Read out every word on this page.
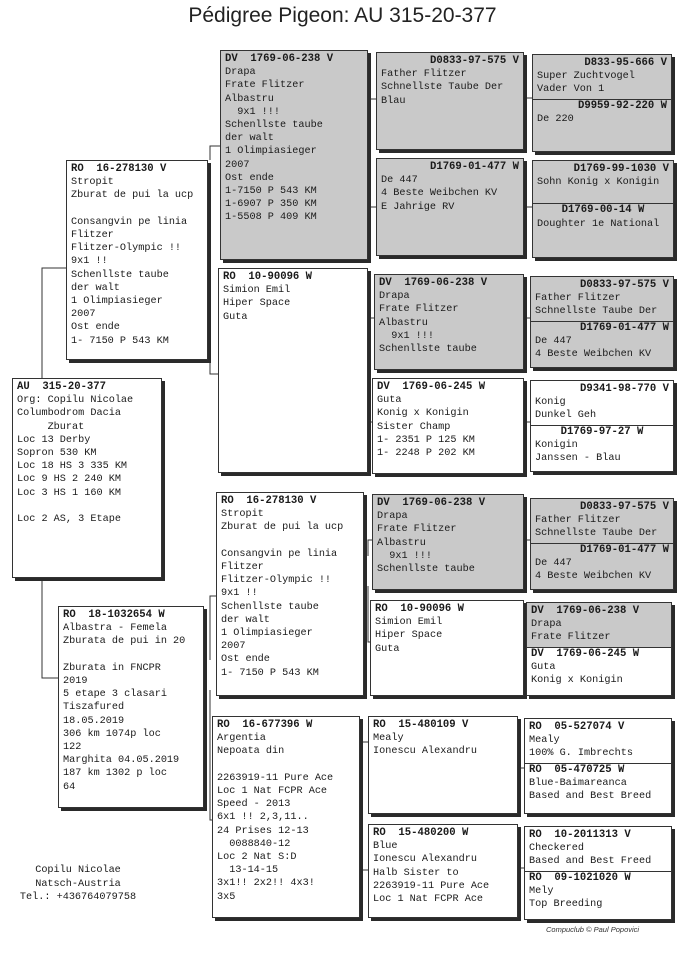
Pédigree Pigeon: AU 315-20-377
AU  315-20-377
Org: Copilu Nicolae
Columbodrom Dacia
Zburat
Loc 13 Derby
Sopron 530 KM
Loc 18 HS 3 335 KM
Loc 9 HS 2 240 KM
Loc 3 HS 1 160 KM
Loc 2 AS, 3 Etape
RO  16-278130 V
Stropit
Zburat de pui la ucp
Consangvin pe linia
Flitzer
Flitzer-Olympic !!
9x1 !!
Schenllste taube
der walt
1 Olimpiasieger
2007
Ost ende
1- 7150 P 543 KM
RO  18-1032654 W
Albastra - Femela
Zburata de pui in 20
Zburata in FNCPR
2019
5 etape 3 clasari
Tiszafured
18.05.2019
306 km 1074p loc
122
Marghita 04.05.2019
187 km 1302 p loc
64
DV  1769-06-238 V
Drapa
Frate Flitzer
Albastru
9x1 !!!
Schenllste taube
der walt
1 Olimpiasieger
2007
Ost ende
1-7150 P 543 KM
1-6907 P 350 KM
1-5508 P 409 KM
RO  10-90096 W
Simion Emil
Hiper Space
Guta
RO  16-278130 V
Stropit
Zburat de pui la ucp
Consangvin pe linia
Flitzer
Flitzer-Olympic !!
9x1 !!
Schenllste taube
der walt
1 Olimpiasieger
2007
Ost ende
1- 7150 P 543 KM
RO  16-677396 W
Argentia
Nepoata din
2263919-11 Pure Ace
Loc 1 Nat FCPR Ace
Speed - 2013
6x1 !! 2,3,11..
24 Prises 12-13
0088840-12
Loc 2 Nat S:D
13-14-15
3x1!! 2x2!! 4x3!
3x5
D0833-97-575 V
Father Flitzer
Schnellste Taube Der
Blau
D1769-01-477 W
De 447
4 Beste Weibchen KV
E Jahrige RV
DV  1769-06-238 V
Drapa
Frate Flitzer
Albastru
9x1 !!!
Schenllste taube
DV  1769-06-245 W
Guta
Konig x Konigin
Sister Champ
1- 2351 P 125 KM
1- 2248 P 202 KM
DV  1769-06-238 V
Drapa
Frate Flitzer
Albastru
9x1 !!!
Schenllste taube
RO  10-90096 W
Simion Emil
Hiper Space
Guta
RO  15-480109 V
Mealy
Ionescu Alexandru
RO  15-480200 W
Blue
Ionescu Alexandru
Halb Sister to
2263919-11 Pure Ace
Loc 1 Nat FCPR Ace
D833-95-666 V
Super Zuchtvogel
Vader Von 1
D9959-92-220 W
De 220
D1769-99-1030 V
Sohn Konig x Konigin
D1769-00-14 W
Doughter 1e National
D0833-97-575 V
Father Flitzer
Schnellste Taube Der
D1769-01-477 W
De 447
4 Beste Weibchen KV
D9341-98-770 V
Konig
Dunkel Geh
D1769-97-27 W
Konigin
Janssen - Blau
D0833-97-575 V
Father Flitzer
Schnellste Taube Der
D1769-01-477 W
De 447
4 Beste Weibchen KV
DV  1769-06-238 V
Drapa
Frate Flitzer
DV  1769-06-245 W
Guta
Konig x Konigin
RO  05-527074 V
Mealy
100% G. Imbrechts
RO  05-470725 W
Blue-Baimareanca
Based and Best Breed
RO  10-2011313 V
Checkered
Based and Best Freed
RO  09-1021020 W
Mely
Top Breeding
Copilu Nicolae
Natsch-Austria
Tel.: +436764079758
Compuclub © Paul Popovici
